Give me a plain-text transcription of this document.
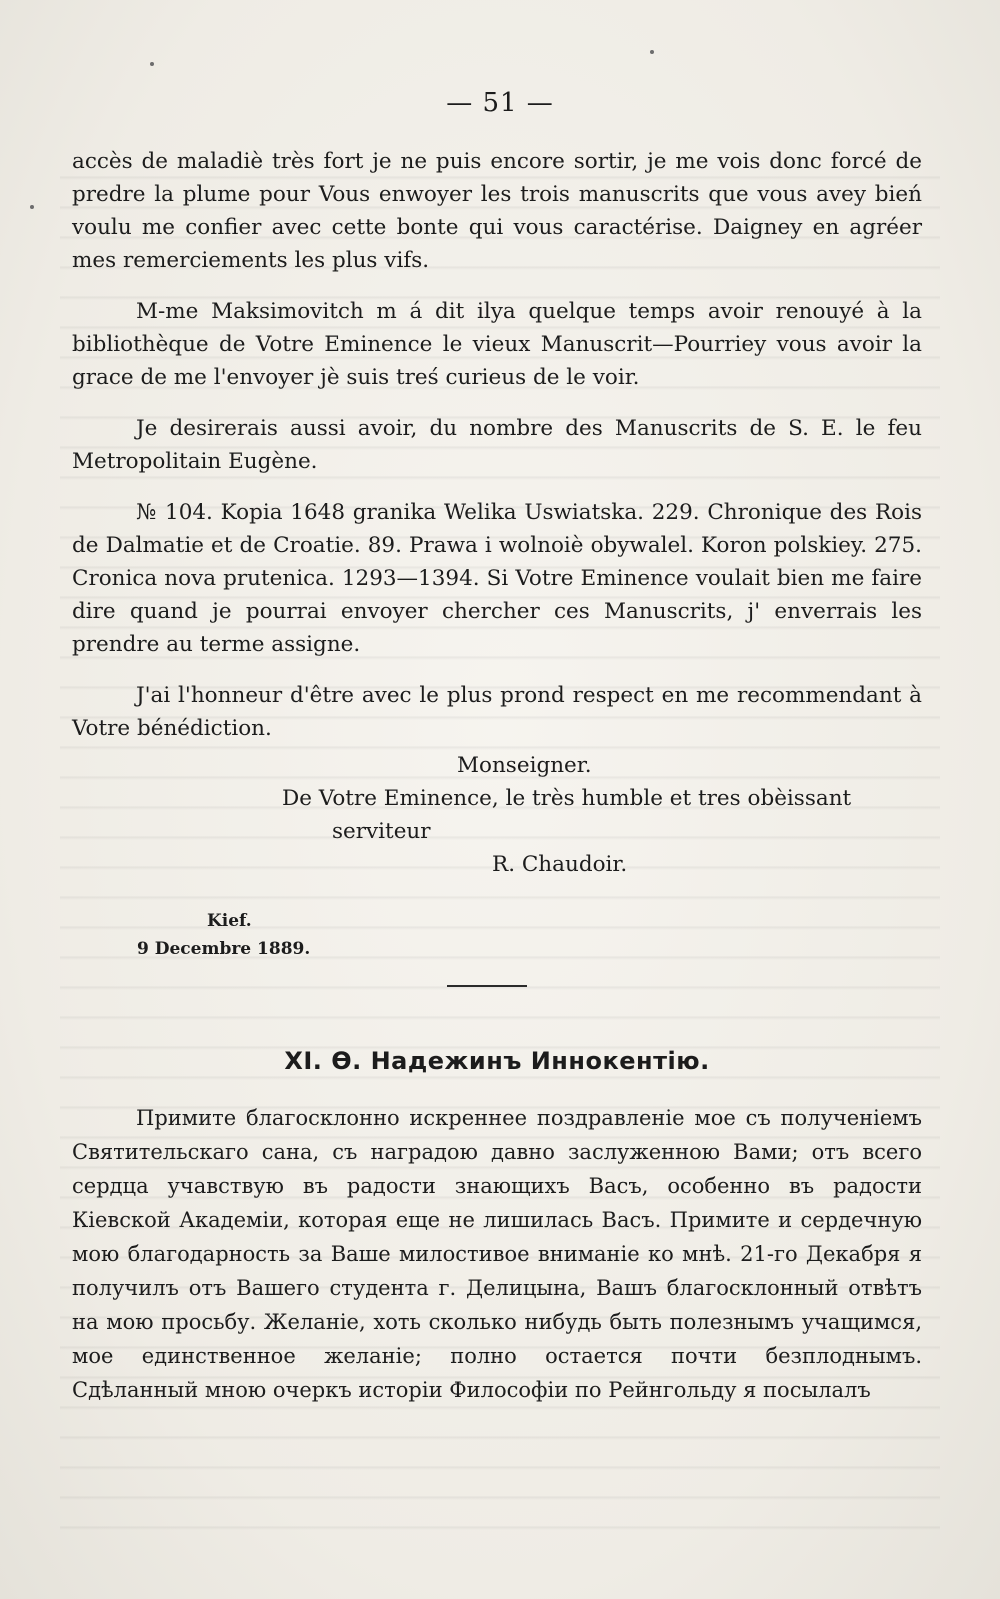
— 51 —

accès de maladiè très fort je ne puis encore sortir, je me vois donc forcé de predre la plume pour Vous enwoyer les trois manuscrits que vous avey bień voulu me confier avec cette bonte qui vous caractérise. Daigney en agréer mes remerciements les plus vifs.

M-me Maksimovitch m á dit ilya quelque temps avoir renouyé à la bibliothèque de Votre Eminence le vieux Manuscrit—Pourriey vous avoir la grace de me l'envoyer jè suis treś curieus de le voir.

Je desirerais aussi avoir, du nombre des Manuscrits de S. E. le feu Metropolitain Eugène.

№ 104. Kopia 1648 granika Welika Uswiatska. 229. Chronique des Rois de Dalmatie et de Croatie. 89. Prawa i wolnoiè obywalel. Koron polskiey. 275. Cronica nova prutenica. 1293—1394. Si Votre Eminence voulait bien me faire dire quand je pourrai envoyer chercher ces Manuscrits, j' enverrais les prendre au terme assigne.

J'ai l'honneur d'être avec le plus prond respect en me recommendant à Votre bénédiction.

Monseigner.
De Votre Eminence, le très humble et tres obèissant
serviteur
R. Chaudoir.
Kief.
9 Decembre 1889.
XI. Ѳ. Надежинъ Иннокентію.

Примите благосклонно искреннее поздравленіе мое съ полученіемъ Святительскаго сана, съ наградою давно заслуженною Вами; отъ всего сердца учавствую въ радости знающихъ Васъ, особенно въ радости Кіевской Академіи, которая еще не лишилась Васъ. Примите и сердечную мою благодарность за Ваше милостивое вниманіе ко мнѣ. 21-го Декабря я получилъ отъ Вашего студента г. Делицына, Вашъ благосклонный отвѣтъ на мою просьбу. Желаніе, хоть сколько нибудь быть полезнымъ учащимся, мое единственное желаніе; полно остается почти безплоднымъ. Сдѣланный мною очеркъ исторіи Философіи по Рейнгольду я посылалъ
